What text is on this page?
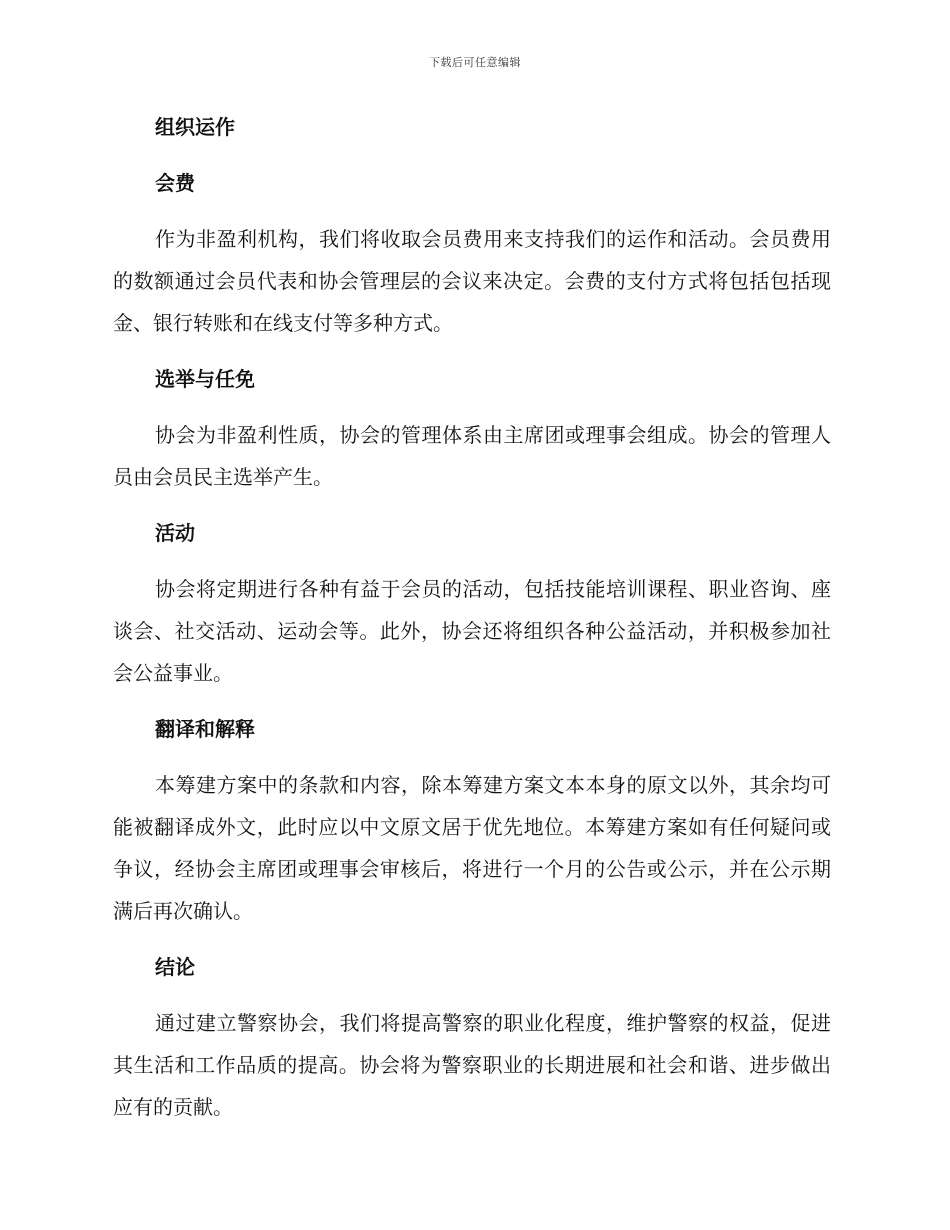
下载后可任意编辑
组织运作
会费

作为非盈利机构，我们将收取会员费用来支持我们的运作和活动。会员费用的数额通过会员代表和协会管理层的会议来决定。会费的支付方式将包括包括现金、银行转账和在线支付等多种方式。

选举与任免

协会为非盈利性质，协会的管理体系由主席团或理事会组成。协会的管理人员由会员民主选举产生。

活动

协会将定期进行各种有益于会员的活动，包括技能培训课程、职业咨询、座谈会、社交活动、运动会等。此外，协会还将组织各种公益活动，并积极参加社会公益事业。

翻译和解释

本筹建方案中的条款和内容，除本筹建方案文本本身的原文以外，其余均可能被翻译成外文，此时应以中文原文居于优先地位。本筹建方案如有任何疑问或争议，经协会主席团或理事会审核后，将进行一个月的公告或公示，并在公示期满后再次确认。

结论

通过建立警察协会，我们将提高警察的职业化程度，维护警察的权益，促进其生活和工作品质的提高。协会将为警察职业的长期进展和社会和谐、进步做出应有的贡献。
